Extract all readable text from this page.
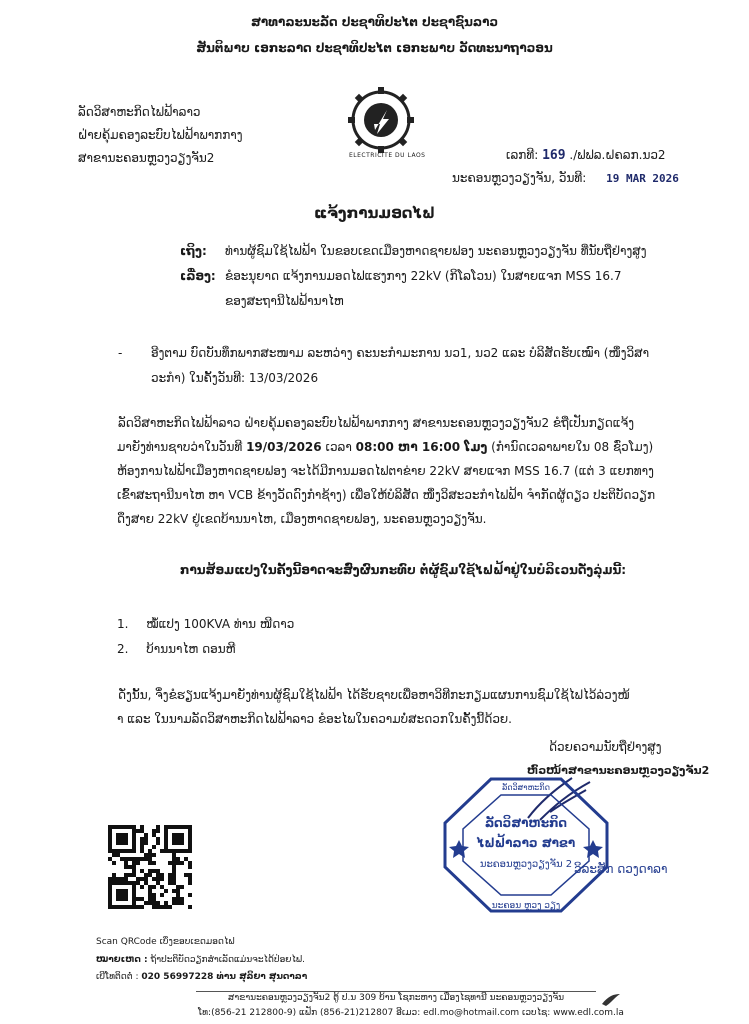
ສາທາລະນະລັດ ປະຊາທິປະໄຕ ປະຊາຊົນລາວ
ສັນຕິພາບ ເອກະລາດ ປະຊາທິປະໄຕ ເອກະພາບ ວັດທະນາຖາວອນ
ລັດວິສາຫະກິດໄຟຟ້າລາວ
ຝ່າຍຄຸ້ມຄອງລະບົບໄຟຟ້າພາກກາງ
ສາຂານະຄອນຫຼວງວຽງຈັນ2	ELECTRICITE DU LAOS	ເລກທີ: 169 ./ຟຟລ.ຝຄລກ.ນວ2
ນະຄອນຫຼວງວຽງຈັນ, ວັນທີ: 19 MAR 2026
ແຈ້ງການມອດໄຟ
ເຖິງ: ທ່ານຜູ້ຊົມໃຊ້ໄຟຟ້າ ໃນຂອບເຂດເມືອງຫາດຊາຍຟອງ ນະຄອນຫຼວງວຽງຈັນ ທີ່ນັບຖືຢ່າງສູງ
ເລື່ອງ: ຂໍອະນຸຍາດ ແຈ້ງການມອດໄຟແຮງກາງ 22kV (ກິໂລໂວນ) ໃນສາຍແຈກ MSS 16.7
ຂອງສະຖານີໄຟຟ້ານາໄຫ
- ອີງຕາມ ບົດບັນທຶກພາກສະໜາມ ລະຫວ່າງ ຄະນະກຳມະການ ນວ1, ນວ2 ແລະ ບໍລິສັດຮັບເໝົາ (ໜຶ່ງວິສາ
ວະກຳ) ໃນຄັ້ງວັນທີ: 13/03/2026
ລັດວິສາຫະກິດໄຟຟ້າລາວ ຝ່າຍຄຸ້ມຄອງລະບົບໄຟຟ້າພາກກາງ ສາຂານະຄອນຫຼວງວຽງຈັນ2 ຂໍຖືເປັນກຽດແຈ້ງ
ມາຍັງທ່ານຊາບວ່າໃນວັນທີ 19/03/2026 ເວລາ 08:00 ຫາ 16:00 ໂມງ (ກຳນົດເວລາພາຍໃນ 08 ຊົ່ວໂມງ)
ຫ້ອງການໄຟຟ້າເມືອງຫາດຊາຍຟອງ ຈະໄດ້ມີການມອດໄຟຕາຂ່າຍ 22kV ສາຍແຈກ MSS 16.7 (ແຕ່ 3 ແຍກທາງ
ເຂົ້າສະຖານີນາໄຫ ຫາ VCB ຂ້າງວັດດົງກຳຊ້າງ) ເພື່ອໃຫ້ບໍລິສັດ ໜຶ່ງວິສະວະກຳໄຟຟ້າ ຈຳກັດຜູ້ດຽວ ປະຕິບັດວຽກ
ດຶງສາຍ 22kV ຢູ່ເຂດບ້ານນາໄຫ, ເມືອງຫາດຊາຍຟອງ, ນະຄອນຫຼວງວຽງຈັນ.
ການສ້ອມແປງໃນຄັ້ງນີ້ອາດຈະສົ່ງຜົນກະທົບ ຕໍ່ຜູ້ຊົມໃຊ້ໄຟຟ້າຢູ່ໃນບໍລິເວນດັ່ງລຸ່ມນີ້:
1. ໝໍ້ແປງ 100KVA ທ່ານ ໜີດາວ
2. ບ້ານນາໄຫ ດອນຫີ
ດັ່ງນັ້ນ, ຈຶ່ງຂໍຮຽນແຈ້ງມາຍັງທ່ານຜູ້ຊົມໃຊ້ໄຟຟ້າ ໄດ້ຮັບຊາບເພື່ອຫາວິທີກະກຽມແຜນການຊົມໃຊ້ໄຟໄວ້ລ່ວງໜ້
າ ແລະ ໃນນາມລັດວິສາຫະກິດໄຟຟ້າລາວ ຂໍອະໄພໃນຄວາມບໍ່ສະດວກໃນຄັ້ງນີ້ດ້ວຍ.
ດ້ວຍຄວາມນັບຖືຢ່າງສູງ
ຫົວໜ້າສາຂານະຄອນຫຼວງວຽງຈັນ2
ລັດວິສາຫະກິດ
ນະຄອນ ຫຼວງ ວຽງ
ລັດວິສາຫະກິດ
ໄຟຟ້າລາວ ສາຂາ
ນະຄອນຫຼວງວຽງຈັນ 2 ວິລະສັກ ດວງດາລາ
Scan QRCode ເບິ່ງຂອບເຂດມອດໄຟ
ໝາຍເຫດ : ຖ້າປະຕິບັດວຽກສຳເລັດແມ່ນຈະໄດ້ປ່ອຍໄຟ.
ເບີໂທຕິດຕໍ່ : 020 56997228 ທ່ານ ສຸລິຍາ ສຸນດາລາ
ສາຂານະຄອນຫຼວງວຽງຈັນ2 ຕູ້ ປ.ນ 309 ບ້ານ ໂຊກະຫາງ ເມືອງໄຊທານີ ນະຄອນຫຼວງວຽງຈັນ
ໂທ:(856-21 212800-9) ແຟັກ (856-21)212807 ອີເມວ: edl.mo@hotmail.com ເວບໄຊ: www.edl.com.la
